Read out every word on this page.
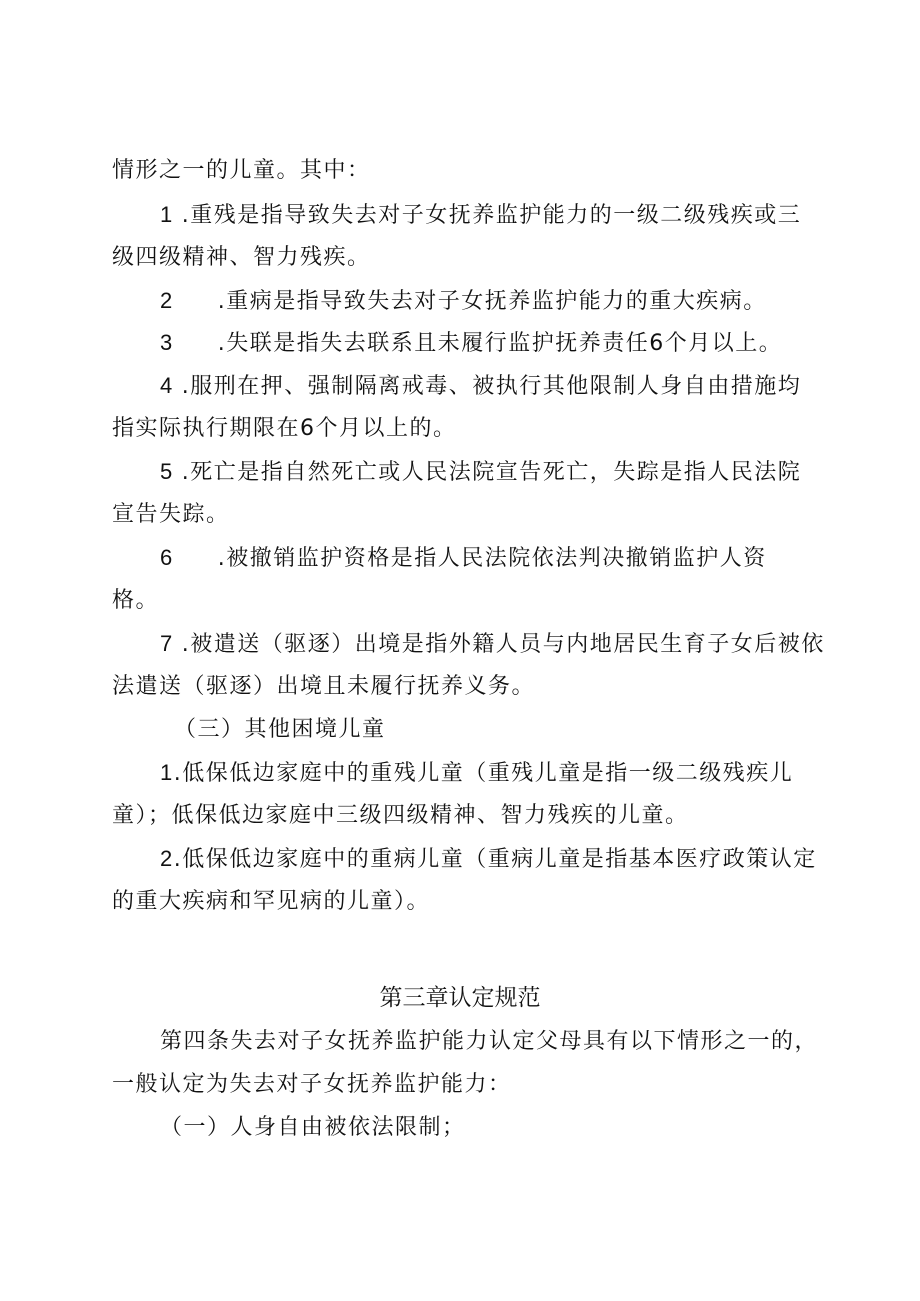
情形之一的儿童。其中：
1 .重残是指导致失去对子女抚养监护能力的一级二级残疾或三
级四级精神、智力残疾。
2 .重病是指导致失去对子女抚养监护能力的重大疾病。
3 .失联是指失去联系且未履行监护抚养责任6个月以上。
4 .服刑在押、强制隔离戒毒、被执行其他限制人身自由措施均
指实际执行期限在6个月以上的。
5 .死亡是指自然死亡或人民法院宣告死亡，失踪是指人民法院
宣告失踪。
6 .被撤销监护资格是指人民法院依法判决撤销监护人资
格。
7 .被遣送（驱逐）出境是指外籍人员与内地居民生育子女后被依
法遣送（驱逐）出境且未履行抚养义务。
（三）其他困境儿童
1.低保低边家庭中的重残儿童（重残儿童是指一级二级残疾儿
童）；低保低边家庭中三级四级精神、智力残疾的儿童。
2.低保低边家庭中的重病儿童（重病儿童是指基本医疗政策认定
的重大疾病和罕见病的儿童）。
第三章认定规范
第四条失去对子女抚养监护能力认定父母具有以下情形之一的，
一般认定为失去对子女抚养监护能力：
（一）人身自由被依法限制；
